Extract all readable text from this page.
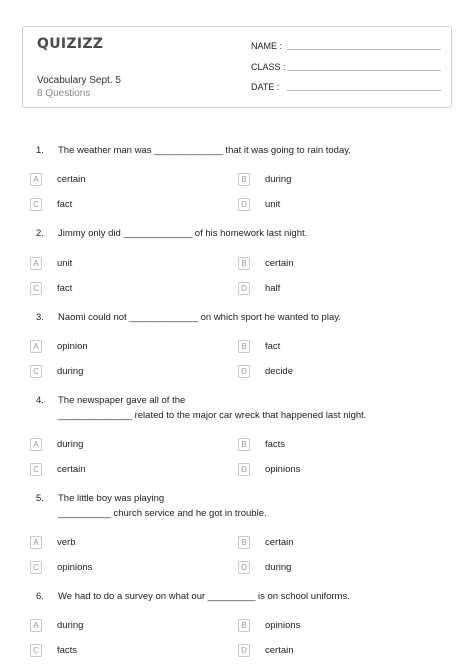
QUIZIZZ
Vocabulary Sept. 5
8 Questions
NAME :
CLASS :
DATE :
1. The weather man was _____________ that it was going to rain today.
A	certain	B	during
C	fact	D	unit
2. Jimmy only did _____________ of his homework last night.
A	unit	B	certain
C	fact	D	half
3. Naomi could not _____________ on which sport he wanted to play.
A	opinion	B	fact
C	during	D	decide
4. The newspaper gave all of the
______________ related to the major car wreck that happened last night.
A	during	B	facts
C	certain	D	opinions
5. The little boy was playing
__________ church service and he got in trouble.
A	verb	B	certain
C	opinions	D	during
6. We had to do a survey on what our _________ is on school uniforms.
A	during	B	opinions
C	facts	D	certain
